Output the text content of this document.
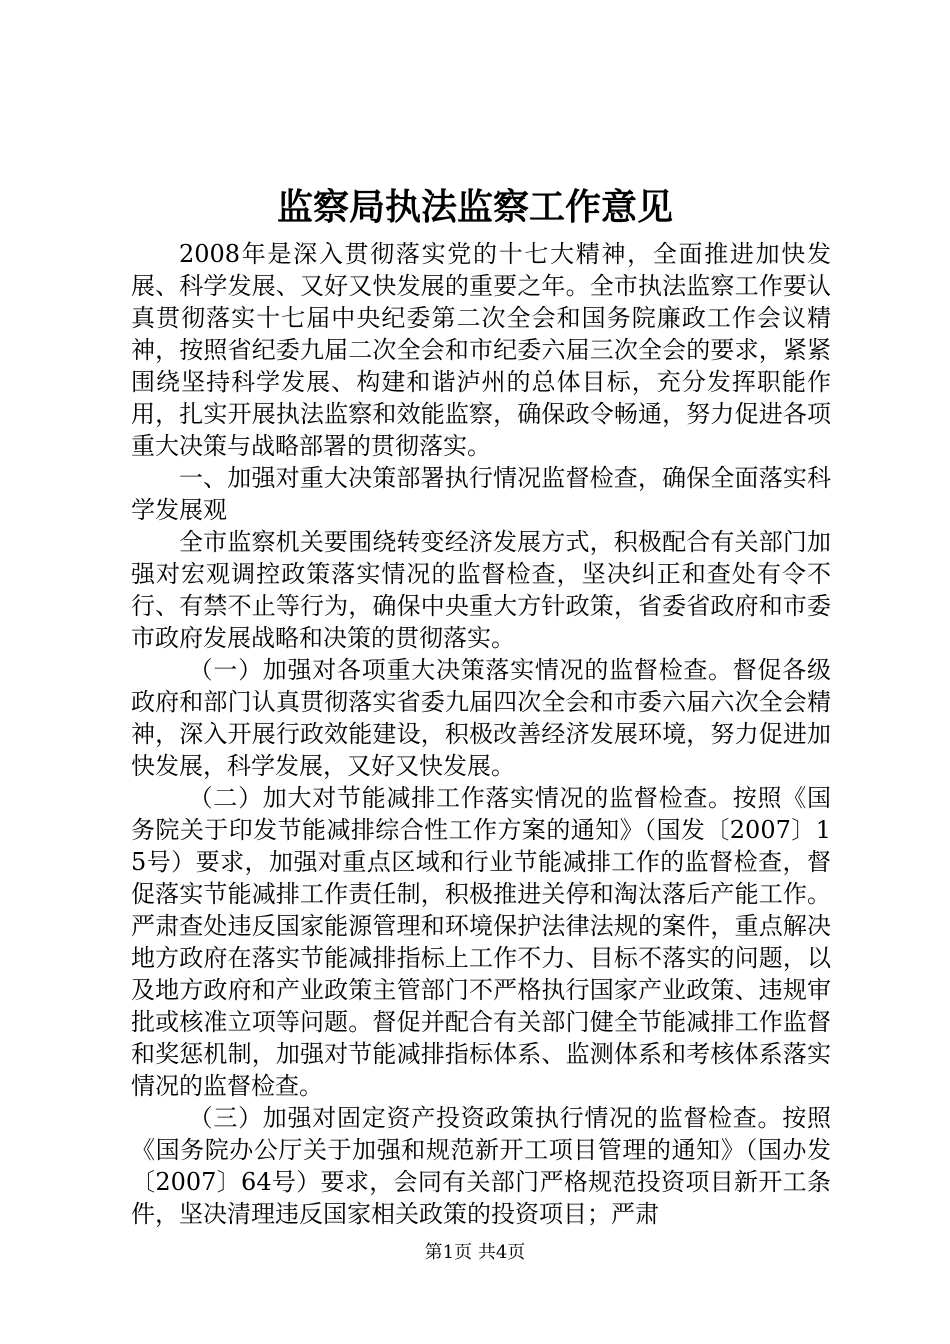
监察局执法监察工作意见

2008年是深入贯彻落实党的十七大精神，全面推进加快发展、科学发展、又好又快发展的重要之年。全市执法监察工作要认真贯彻落实十七届中央纪委第二次全会和国务院廉政工作会议精神，按照省纪委九届二次全会和市纪委六届三次全会的要求，紧紧围绕坚持科学发展、构建和谐泸州的总体目标，充分发挥职能作用，扎实开展执法监察和效能监察，确保政令畅通，努力促进各项重大决策与战略部署的贯彻落实。

一、加强对重大决策部署执行情况监督检查，确保全面落实科学发展观

全市监察机关要围绕转变经济发展方式，积极配合有关部门加强对宏观调控政策落实情况的监督检查，坚决纠正和查处有令不行、有禁不止等行为，确保中央重大方针政策，省委省政府和市委市政府发展战略和决策的贯彻落实。

（一）加强对各项重大决策落实情况的监督检查。督促各级政府和部门认真贯彻落实省委九届四次全会和市委六届六次全会精神，深入开展行政效能建设，积极改善经济发展环境，努力促进加快发展，科学发展，又好又快发展。

（二）加大对节能减排工作落实情况的监督检查。按照《国务院关于印发节能减排综合性工作方案的通知》（国发〔2007〕15号）要求，加强对重点区域和行业节能减排工作的监督检查，督促落实节能减排工作责任制，积极推进关停和淘汰落后产能工作。严肃查处违反国家能源管理和环境保护法律法规的案件，重点解决地方政府在落实节能减排指标上工作不力、目标不落实的问题，以及地方政府和产业政策主管部门不严格执行国家产业政策、违规审批或核准立项等问题。督促并配合有关部门健全节能减排工作监督和奖惩机制，加强对节能减排指标体系、监测体系和考核体系落实情况的监督检查。

（三）加强对固定资产投资政策执行情况的监督检查。按照《国务院办公厅关于加强和规范新开工项目管理的通知》（国办发〔2007〕64号）要求，会同有关部门严格规范投资项目新开工条件，坚决清理违反国家相关政策的投资项目；严肃

第1页 共4页
